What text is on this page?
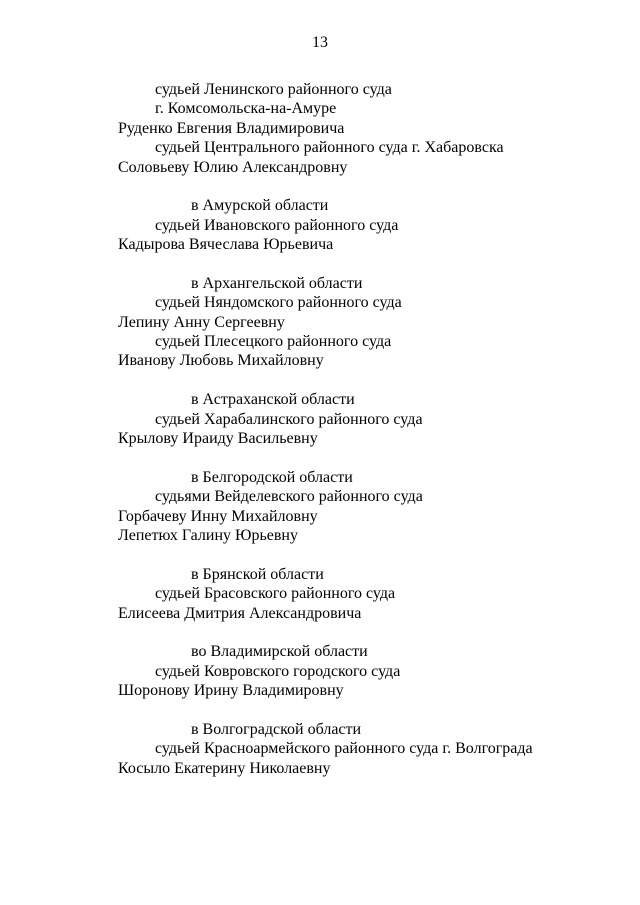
13
судьей Ленинского районного суда
г. Комсомольска-на-Амуре
Руденко Евгения Владимировича
судьей Центрального районного суда г. Хабаровска
Соловьеву Юлию Александровну
в Амурской области
судьей Ивановского районного суда
Кадырова Вячеслава Юрьевича
в Архангельской области
судьей Няндомского районного суда
Лепину Анну Сергеевну
судьей Плесецкого районного суда
Иванову Любовь Михайловну
в Астраханской области
судьей Харабалинского районного суда
Крылову Ираиду Васильевну
в Белгородской области
судьями Вейделевского районного суда
Горбачеву Инну Михайловну
Лепетюх Галину Юрьевну
в Брянской области
судьей Брасовского районного суда
Елисеева Дмитрия Александровича
во Владимирской области
судьей Ковровского городского суда
Шоронову Ирину Владимировну
в Волгоградской области
судьей Красноармейского районного суда г. Волгограда
Косыло Екатерину Николаевну
